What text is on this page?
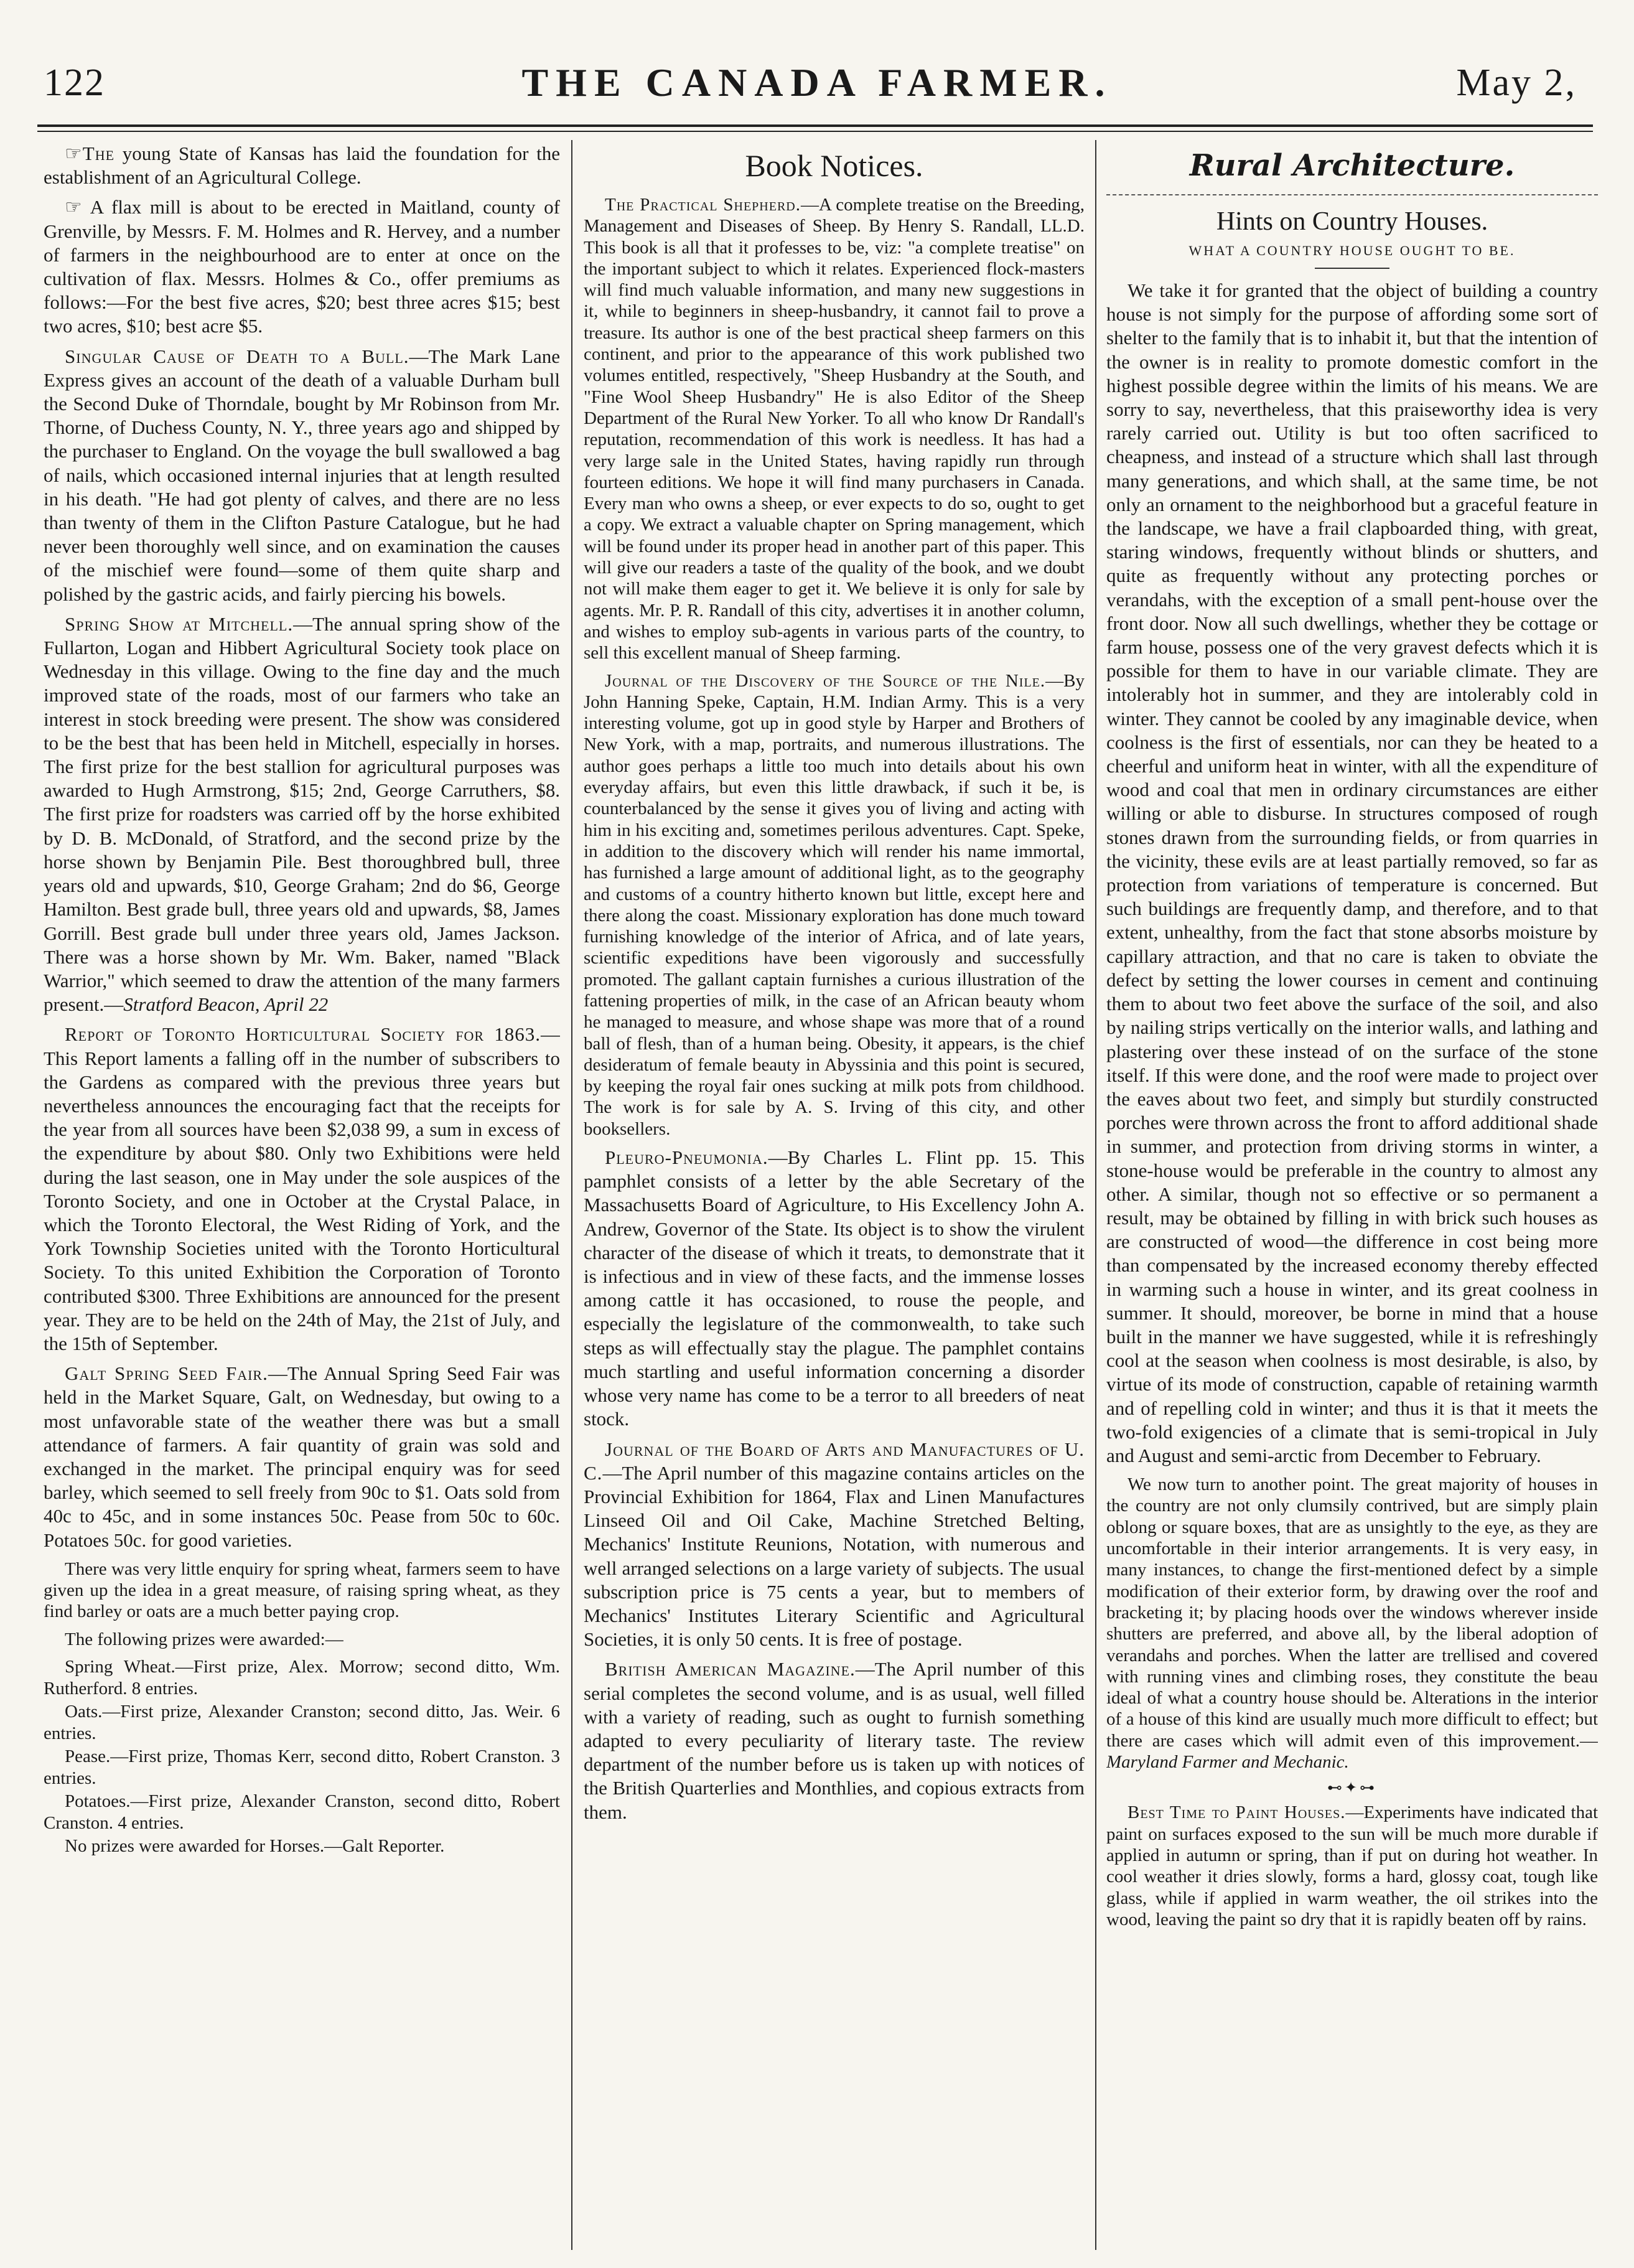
122	THE CANADA FARMER.	May 2,

☞The young State of Kansas has laid the foundation for the establishment of an Agricultural College.

☞ A flax mill is about to be erected in Maitland, county of Grenville, by Messrs. F. M. Holmes and R. Hervey, and a number of farmers in the neighbourhood are to enter at once on the cultivation of flax. Messrs. Holmes & Co., offer premiums as follows:—For the best five acres, $20; best three acres $15; best two acres, $10; best acre $5.

Singular Cause of Death to a Bull.—The Mark Lane Express gives an account of the death of a valuable Durham bull the Second Duke of Thorndale, bought by Mr Robinson from Mr. Thorne, of Duchess County, N. Y., three years ago and shipped by the purchaser to England. On the voyage the bull swallowed a bag of nails, which occasioned internal injuries that at length resulted in his death. "He had got plenty of calves, and there are no less than twenty of them in the Clifton Pasture Catalogue, but he had never been thoroughly well since, and on examination the causes of the mischief were found—some of them quite sharp and polished by the gastric acids, and fairly piercing his bowels.

Spring Show at Mitchell.—The annual spring show of the Fullarton, Logan and Hibbert Agricultural Society took place on Wednesday in this village. Owing to the fine day and the much improved state of the roads, most of our farmers who take an interest in stock breeding were present. The show was considered to be the best that has been held in Mitchell, especially in horses. The first prize for the best stallion for agricultural purposes was awarded to Hugh Armstrong, $15; 2nd, George Carruthers, $8. The first prize for roadsters was carried off by the horse exhibited by D. B. McDonald, of Stratford, and the second prize by the horse shown by Benjamin Pile. Best thoroughbred bull, three years old and upwards, $10, George Graham; 2nd do $6, George Hamilton. Best grade bull, three years old and upwards, $8, James Gorrill. Best grade bull under three years old, James Jackson. There was a horse shown by Mr. Wm. Baker, named "Black Warrior," which seemed to draw the attention of the many farmers present.—Stratford Beacon, April 22

Report of Toronto Horticultural Society for 1863.—This Report laments a falling off in the number of subscribers to the Gardens as compared with the previous three years but nevertheless announces the encouraging fact that the receipts for the year from all sources have been $2,038 99, a sum in excess of the expenditure by about $80. Only two Exhibitions were held during the last season, one in May under the sole auspices of the Toronto Society, and one in October at the Crystal Palace, in which the Toronto Electoral, the West Riding of York, and the York Township Societies united with the Toronto Horticultural Society. To this united Exhibition the Corporation of Toronto contributed $300. Three Exhibitions are announced for the present year. They are to be held on the 24th of May, the 21st of July, and the 15th of September.

Galt Spring Seed Fair.—The Annual Spring Seed Fair was held in the Market Square, Galt, on Wednesday, but owing to a most unfavorable state of the weather there was but a small attendance of farmers. A fair quantity of grain was sold and exchanged in the market. The principal enquiry was for seed barley, which seemed to sell freely from 90c to $1. Oats sold from 40c to 45c, and in some instances 50c. Pease from 50c to 60c. Potatoes 50c. for good varieties.

There was very little enquiry for spring wheat, farmers seem to have given up the idea in a great measure, of raising spring wheat, as they find barley or oats are a much better paying crop.

The following prizes were awarded:—

Spring Wheat.—First prize, Alex. Morrow; second ditto, Wm. Rutherford. 8 entries.

Oats.—First prize, Alexander Cranston; second ditto, Jas. Weir. 6 entries.

Pease.—First prize, Thomas Kerr, second ditto, Robert Cranston. 3 entries.

Potatoes.—First prize, Alexander Cranston, second ditto, Robert Cranston. 4 entries.

No prizes were awarded for Horses.—Galt Reporter.

Book Notices.

The Practical Shepherd.—A complete treatise on the Breeding, Management and Diseases of Sheep. By Henry S. Randall, LL.D. This book is all that it professes to be, viz: "a complete treatise" on the important subject to which it relates. Experienced flock-masters will find much valuable information, and many new suggestions in it, while to beginners in sheep-husbandry, it cannot fail to prove a treasure. Its author is one of the best practical sheep farmers on this continent, and prior to the appearance of this work published two volumes entitled, respectively, "Sheep Husbandry at the South, and "Fine Wool Sheep Husbandry" He is also Editor of the Sheep Department of the Rural New Yorker. To all who know Dr Randall's reputation, recommendation of this work is needless. It has had a very large sale in the United States, having rapidly run through fourteen editions. We hope it will find many purchasers in Canada. Every man who owns a sheep, or ever expects to do so, ought to get a copy. We extract a valuable chapter on Spring management, which will be found under its proper head in another part of this paper. This will give our readers a taste of the quality of the book, and we doubt not will make them eager to get it. We believe it is only for sale by agents. Mr. P. R. Randall of this city, advertises it in another column, and wishes to employ sub-agents in various parts of the country, to sell this excellent manual of Sheep farming.

Journal of the Discovery of the Source of the Nile.—By John Hanning Speke, Captain, H.M. Indian Army. This is a very interesting volume, got up in good style by Harper and Brothers of New York, with a map, portraits, and numerous illustrations. The author goes perhaps a little too much into details about his own everyday affairs, but even this little drawback, if such it be, is counterbalanced by the sense it gives you of living and acting with him in his exciting and, sometimes perilous adventures. Capt. Speke, in addition to the discovery which will render his name immortal, has furnished a large amount of additional light, as to the geography and customs of a country hitherto known but little, except here and there along the coast. Missionary exploration has done much toward furnishing knowledge of the interior of Africa, and of late years, scientific expeditions have been vigorously and successfully promoted. The gallant captain furnishes a curious illustration of the fattening properties of milk, in the case of an African beauty whom he managed to measure, and whose shape was more that of a round ball of flesh, than of a human being. Obesity, it appears, is the chief desideratum of female beauty in Abyssinia and this point is secured, by keeping the royal fair ones sucking at milk pots from childhood. The work is for sale by A. S. Irving of this city, and other booksellers.

Pleuro-Pneumonia.—By Charles L. Flint pp. 15. This pamphlet consists of a letter by the able Secretary of the Massachusetts Board of Agriculture, to His Excellency John A. Andrew, Governor of the State. Its object is to show the virulent character of the disease of which it treats, to demonstrate that it is infectious and in view of these facts, and the immense losses among cattle it has occasioned, to rouse the people, and especially the legislature of the commonwealth, to take such steps as will effectually stay the plague. The pamphlet contains much startling and useful information concerning a disorder whose very name has come to be a terror to all breeders of neat stock.

Journal of the Board of Arts and Manufactures of U. C.—The April number of this magazine contains articles on the Provincial Exhibition for 1864, Flax and Linen Manufactures Linseed Oil and Oil Cake, Machine Stretched Belting, Mechanics' Institute Reunions, Notation, with numerous and well arranged selections on a large variety of subjects. The usual subscription price is 75 cents a year, but to members of Mechanics' Institutes Literary Scientific and Agricultural Societies, it is only 50 cents. It is free of postage.

British American Magazine.—The April number of this serial completes the second volume, and is as usual, well filled with a variety of reading, such as ought to furnish something adapted to every peculiarity of literary taste. The review department of the number before us is taken up with notices of the British Quarterlies and Monthlies, and copious extracts from them.

Rural Architecture.
Hints on Country Houses.
WHAT A COUNTRY HOUSE OUGHT TO BE.

We take it for granted that the object of building a country house is not simply for the purpose of affording some sort of shelter to the family that is to inhabit it, but that the intention of the owner is in reality to promote domestic comfort in the highest possible degree within the limits of his means. We are sorry to say, nevertheless, that this praiseworthy idea is very rarely carried out. Utility is but too often sacrificed to cheapness, and instead of a structure which shall last through many generations, and which shall, at the same time, be not only an ornament to the neighborhood but a graceful feature in the landscape, we have a frail clapboarded thing, with great, staring windows, frequently without blinds or shutters, and quite as frequently without any protecting porches or verandahs, with the exception of a small pent-house over the front door. Now all such dwellings, whether they be cottage or farm house, possess one of the very gravest defects which it is possible for them to have in our variable climate. They are intolerably hot in summer, and they are intolerably cold in winter. They cannot be cooled by any imaginable device, when coolness is the first of essentials, nor can they be heated to a cheerful and uniform heat in winter, with all the expenditure of wood and coal that men in ordinary circumstances are either willing or able to disburse. In structures composed of rough stones drawn from the surrounding fields, or from quarries in the vicinity, these evils are at least partially removed, so far as protection from variations of temperature is concerned. But such buildings are frequently damp, and therefore, and to that extent, unhealthy, from the fact that stone absorbs moisture by capillary attraction, and that no care is taken to obviate the defect by setting the lower courses in cement and continuing them to about two feet above the surface of the soil, and also by nailing strips vertically on the interior walls, and lathing and plastering over these instead of on the surface of the stone itself. If this were done, and the roof were made to project over the eaves about two feet, and simply but sturdily constructed porches were thrown across the front to afford additional shade in summer, and protection from driving storms in winter, a stone-house would be preferable in the country to almost any other. A similar, though not so effective or so permanent a result, may be obtained by filling in with brick such houses as are constructed of wood—the difference in cost being more than compensated by the increased economy thereby effected in warming such a house in winter, and its great coolness in summer. It should, moreover, be borne in mind that a house built in the manner we have suggested, while it is refreshingly cool at the season when coolness is most desirable, is also, by virtue of its mode of construction, capable of retaining warmth and of repelling cold in winter; and thus it is that it meets the two-fold exigencies of a climate that is semi-tropical in July and August and semi-arctic from December to February.

We now turn to another point. The great majority of houses in the country are not only clumsily contrived, but are simply plain oblong or square boxes, that are as unsightly to the eye, as they are uncomfortable in their interior arrangements. It is very easy, in many instances, to change the first-mentioned defect by a simple modification of their exterior form, by drawing over the roof and bracketing it; by placing hoods over the windows wherever inside shutters are preferred, and above all, by the liberal adoption of verandahs and porches. When the latter are trellised and covered with running vines and climbing roses, they constitute the beau ideal of what a country house should be. Alterations in the interior of a house of this kind are usually much more difficult to effect; but there are cases which will admit even of this improvement.—Maryland Farmer and Mechanic.

⊷✦⊶

Best Time to Paint Houses.—Experiments have indicated that paint on surfaces exposed to the sun will be much more durable if applied in autumn or spring, than if put on during hot weather. In cool weather it dries slowly, forms a hard, glossy coat, tough like glass, while if applied in warm weather, the oil strikes into the wood, leaving the paint so dry that it is rapidly beaten off by rains.
